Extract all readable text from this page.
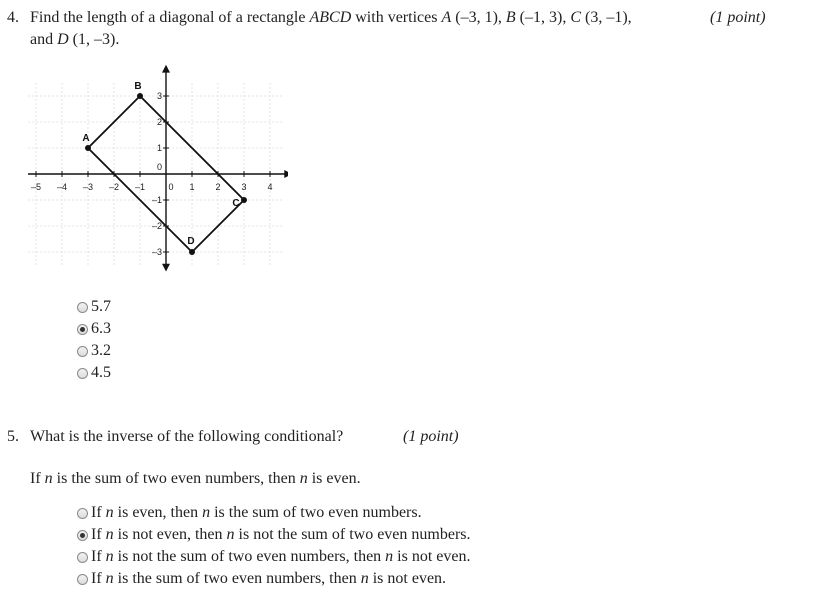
4. Find the length of a diagonal of a rectangle ABCD with vertices A (–3, 1), B (–1, 3), C (3, –1),	(1 point)
and D (1, –3).
–5 –4 –3 –2 –1	0 1 2 3 4
3
2
1
0
–1
–2
–3
A
B
C
D
5.7
6.3
3.2
4.5
5. What is the inverse of the following conditional?	(1 point)
If n is the sum of two even numbers, then n is even.
If n is even, then n is the sum of two even numbers.
If n is not even, then n is not the sum of two even numbers.
If n is not the sum of two even numbers, then n is not even.
If n is the sum of two even numbers, then n is not even.
